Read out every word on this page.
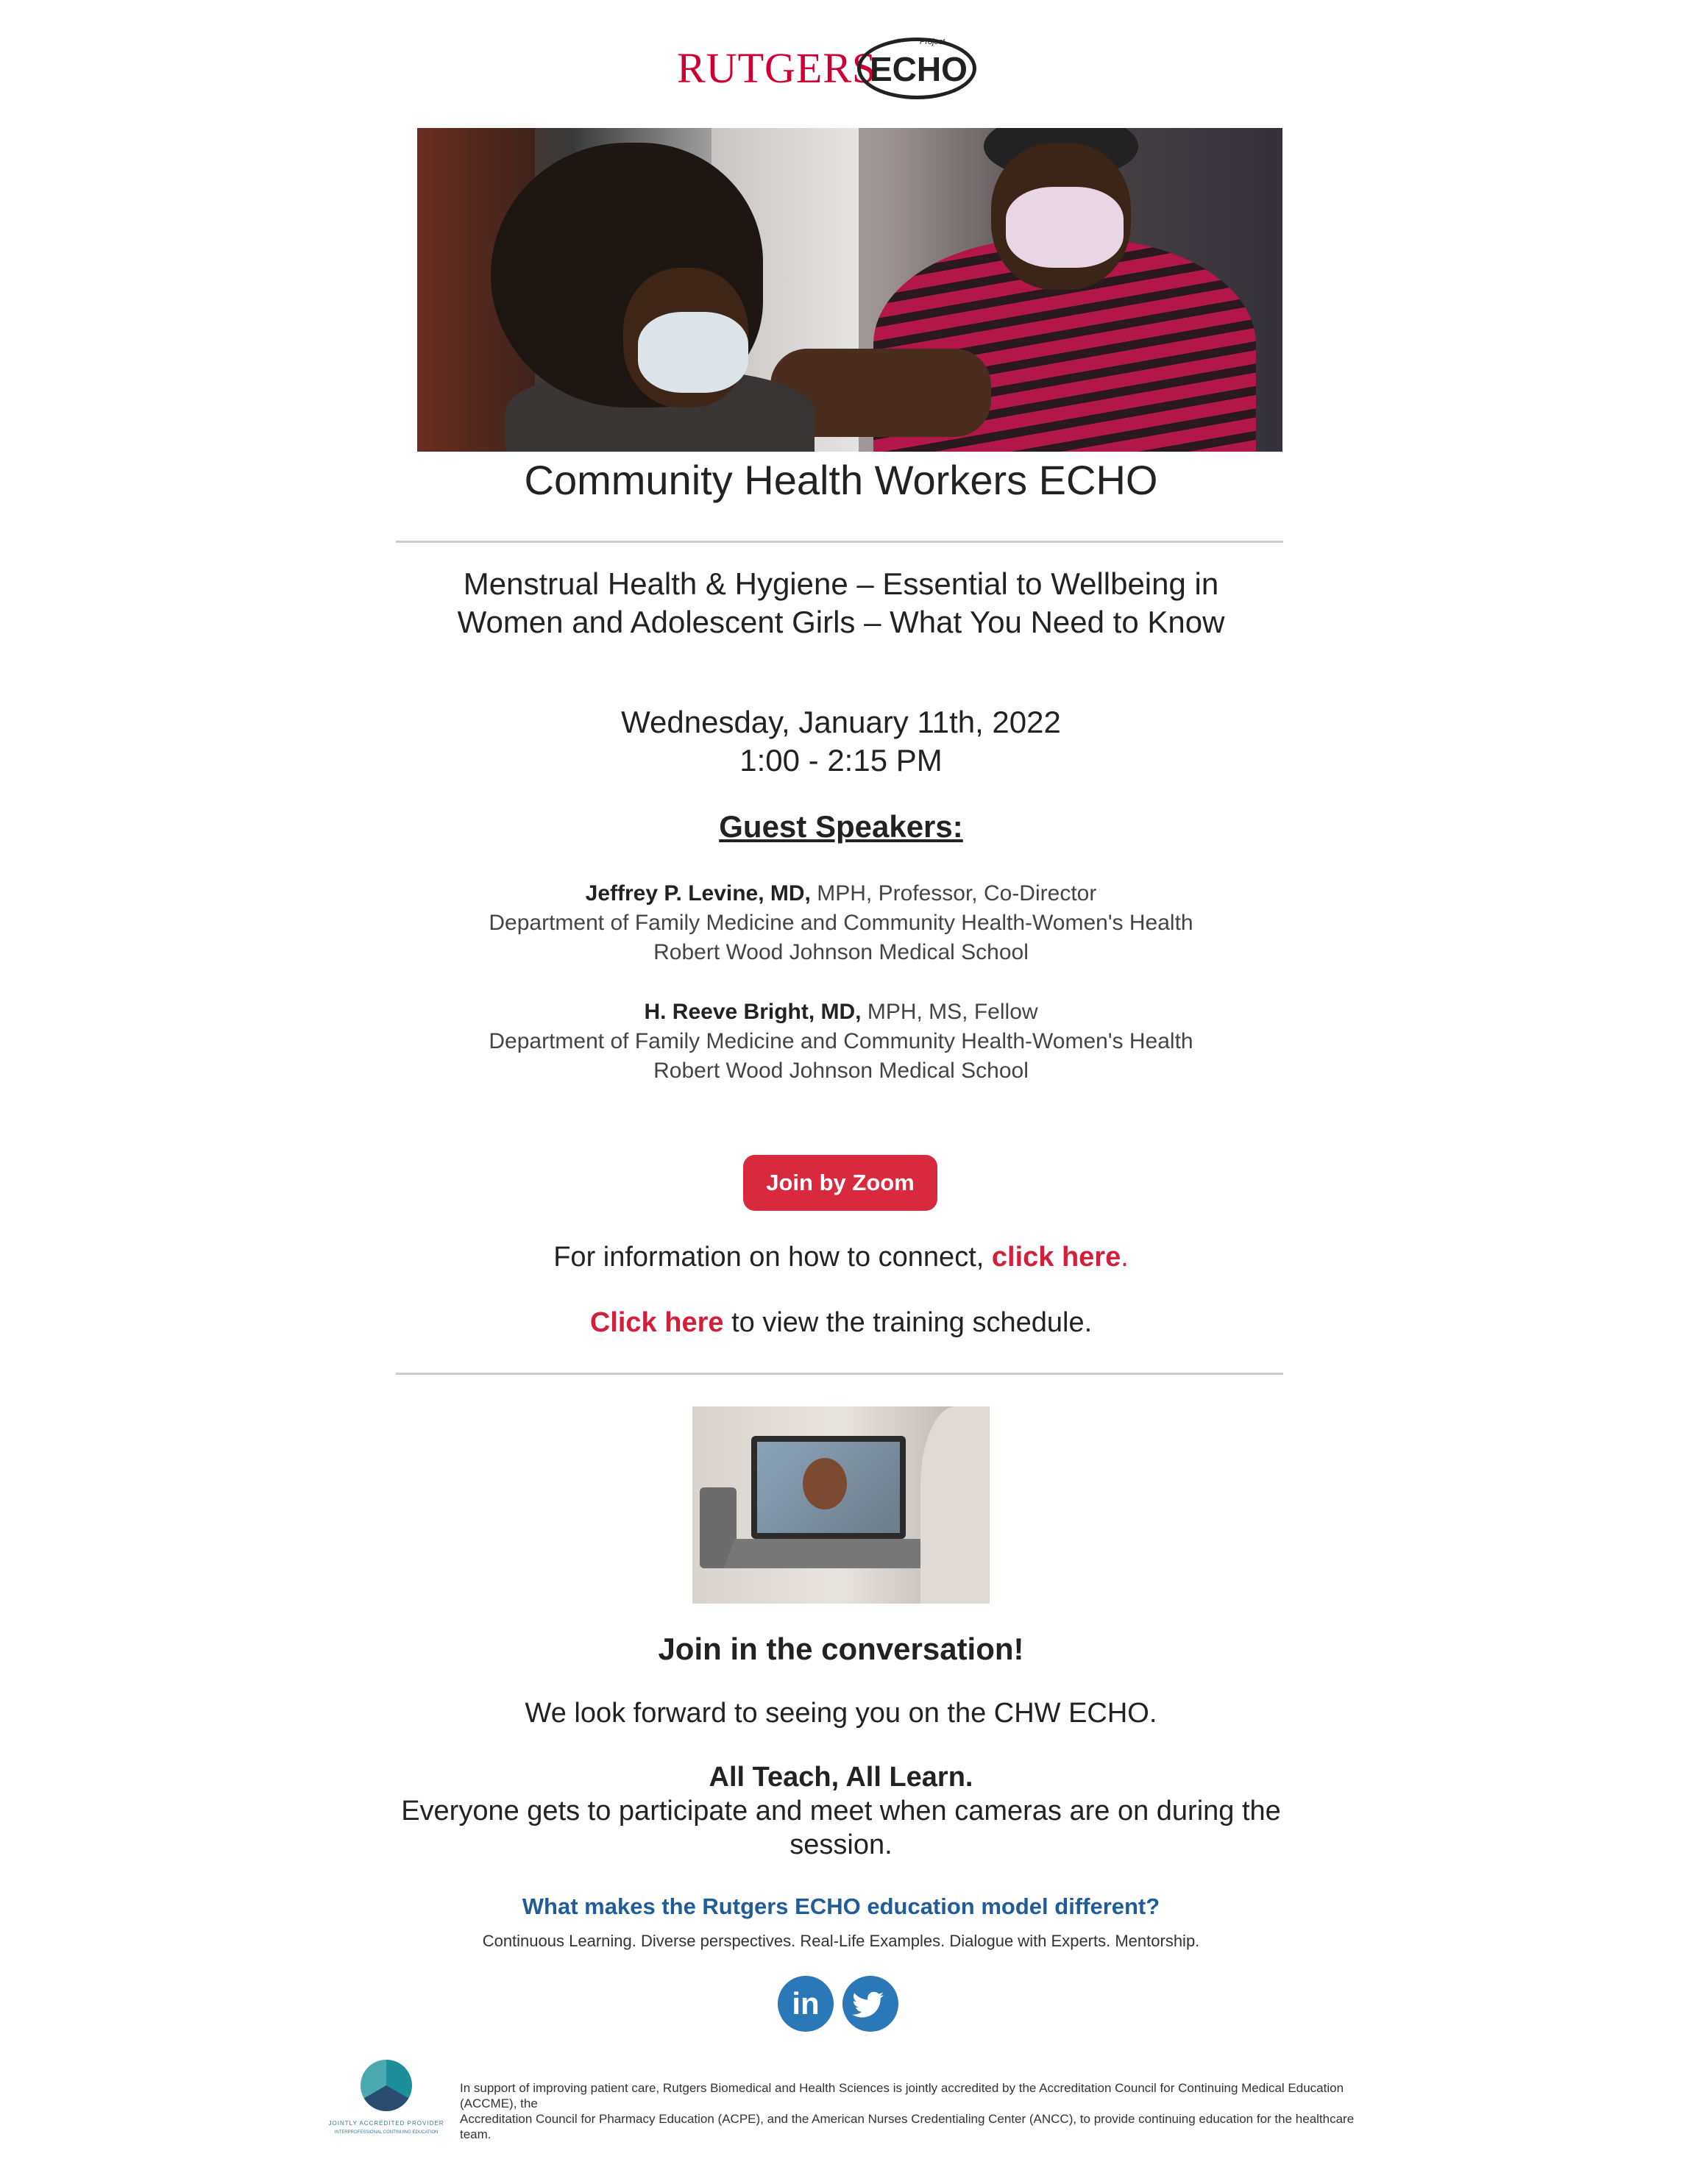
RUTGERS
Project
ECHO
Community Health Workers ECHO
Menstrual Health & Hygiene – Essential to Wellbeing in
Women and Adolescent Girls – What You Need to Know
Wednesday, January 11th, 2022
1:00 - 2:15 PM
Guest Speakers:
Jeffrey P. Levine, MD, MPH, Professor, Co-Director
Department of Family Medicine and Community Health-Women's Health
Robert Wood Johnson Medical School
H. Reeve Bright, MD, MPH, MS, Fellow
Department of Family Medicine and Community Health-Women's Health
Robert Wood Johnson Medical School
Join by Zoom
For information on how to connect, click here.
Click here to view the training schedule.
Join in the conversation!
We look forward to seeing you on the CHW ECHO.
All Teach, All Learn.
Everyone gets to participate and meet when cameras are on during the
session.
What makes the Rutgers ECHO education model different?
Continuous Learning. Diverse perspectives. Real-Life Examples. Dialogue with Experts. Mentorship.
in
JOINTLY ACCREDITED PROVIDER
INTERPROFESSIONAL CONTINUING EDUCATION
In support of improving patient care, Rutgers Biomedical and Health Sciences is jointly accredited by the Accreditation Council for Continuing Medical Education (ACCME), the
Accreditation Council for Pharmacy Education (ACPE), and the American Nurses Credentialing Center (ANCC), to provide continuing education for the healthcare team.
